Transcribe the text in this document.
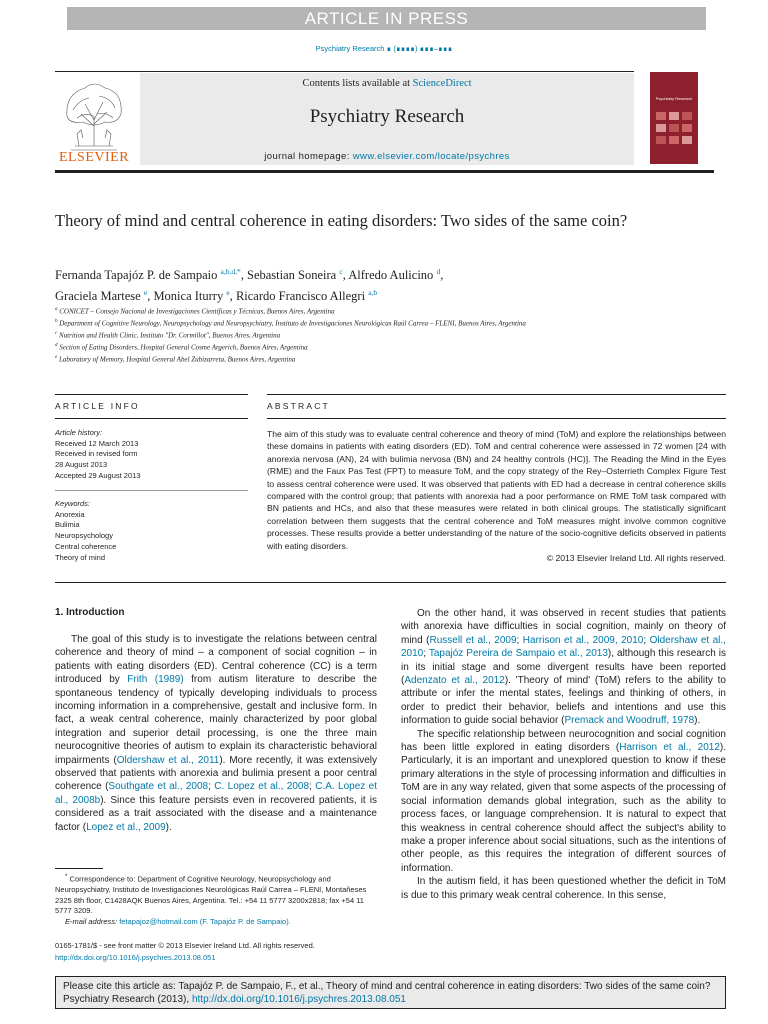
ARTICLE IN PRESS
Psychiatry Research ∎ (∎∎∎∎) ∎∎∎–∎∎∎
ELSEVIER
Contents lists available at ScienceDirect
Psychiatry Research
journal homepage: www.elsevier.com/locate/psychres
Psychiatry Research
Theory of mind and central coherence in eating disorders: Two sides of the same coin?
Fernanda Tapajóz P. de Sampaio $^{a,b,d,*}$, Sebastian Soneira $^c$, Alfredo Aulicino $^d$,
Graciela Martese $^e$, Monica Iturry $^e$, Ricardo Francisco Allegri $^{a,b}$
$^a$ CONICET – Consejo Nacional de Investigaciones Científicas y Técnicas, Buenos Aires, Argentina
$^b$ Department of Cognitive Neurology, Neuropsychology and Neuropsychiatry, Instituto de Investigaciones Neurológicas Raúl Carrea – FLENI, Buenos Aires, Argentina
$^c$ Nutrition and Health Clinic, Instituto "Dr. Cormillot", Buenos Aires, Argentina
$^d$ Section of Eating Disorders, Hospital General Cosme Argerich, Buenos Aires, Argentina
$^e$ Laboratory of Memory, Hospital General Abel Zubizarreta, Buenos Aires, Argentina
ARTICLE INFO	ABSTRACT
Article history:
Received 12 March 2013
Received in revised form
28 August 2013
Accepted 29 August 2013
Keywords:
Anorexia
Bulimia
Neuropsychology
Central coherence
Theory of mind
The aim of this study was to evaluate central coherence and theory of mind (ToM) and explore the relationships between these domains in patients with eating disorders (ED). ToM and central coherence were assessed in 72 women [24 with anorexia nervosa (AN), 24 with bulimia nervosa (BN) and 24 healthy controls (HC)]. The Reading the Mind in the Eyes (RME) and the Faux Pas Test (FPT) to measure ToM, and the copy strategy of the Rey–Osterrieth Complex Figure Test to assess central coherence were used. It was observed that patients with ED had a decrease in central coherence skills compared with the control group; that patients with anorexia had a poor performance on RME ToM task compared with BN patients and HCs, and also that these measures were related in both clinical groups. The statistically significant correlation between them suggests that the central coherence and ToM measures might involve common cognitive processes. These results provide a better understanding of the nature of the socio-cognitive deficits observed in patients with eating disorders.
© 2013 Elsevier Ireland Ltd. All rights reserved.
1. Introduction

The goal of this study is to investigate the relations between central coherence and theory of mind – a component of social cognition – in patients with eating disorders (ED). Central coherence (CC) is a term introduced by Frith (1989) from autism literature to describe the spontaneous tendency of typically developing individuals to process incoming information in a comprehensive, gestalt and inclusive form. In fact, a weak central coherence, mainly characterized by poor global integration and superior detail processing, is one the three main neurocognitive theories of autism to explain its characteristic behavioral impairments (Oldershaw et al., 2011). More recently, it was extensively observed that patients with anorexia and bulimia present a poor central coherence (Southgate et al., 2008; C. Lopez et al., 2008; C.A. Lopez et al., 2008b). Since this feature persists even in recovered patients, it is considered as a trait associated with the disease and a maintenance factor (Lopez et al., 2009).

On the other hand, it was observed in recent studies that patients with anorexia have difficulties in social cognition, mainly on theory of mind (Russell et al., 2009; Harrison et al., 2009, 2010; Oldershaw et al., 2010; Tapajóz Pereira de Sampaio et al., 2013), although this research is in its initial stage and some divergent results have been reported (Adenzato et al., 2012). 'Theory of mind' (ToM) refers to the ability to attribute or infer the mental states, feelings and thinking of others, in order to predict their behavior, beliefs and intentions and use this information to guide social behavior (Premack and Woodruff, 1978).

The specific relationship between neurocognition and social cognition has been little explored in eating disorders (Harrison et al., 2012). Particularly, it is an important and unexplored question to know if these primary alterations in the style of processing information and difficulties in ToM are in any way related, given that some aspects of the processing of social information demands global integration, such as the ability to process faces, or language comprehension. It is natural to expect that this weakness in central coherence should affect the subject's ability to make a proper inference about social situations, such as the intentions of other people, as this requires the integration of different sources of information.

In the autism field, it has been questioned whether the deficit in ToM is due to this primary weak central coherence. In this sense,

* Correspondence to: Department of Cognitive Neurology, Neuropsychology and Neuropsychiatry, Instituto de Investigaciones Neurológicas Raúl Carrea – FLENI, Montañeses 2325 8th floor, C1428AQK Buenos Aires, Argentina. Tel.: +54 11 5777 3200x2818; fax +54 11 5777 3209.
E-mail address: fetapajoz@hotmail.com (F. Tapajóz P. de Sampaio).
0165-1781/$ - see front matter © 2013 Elsevier Ireland Ltd. All rights reserved.
http://dx.doi.org/10.1016/j.psychres.2013.08.051
Please cite this article as: Tapajóz P. de Sampaio, F., et al., Theory of mind and central coherence in eating disorders: Two sides of the same coin? Psychiatry Research (2013), http://dx.doi.org/10.1016/j.psychres.2013.08.051
